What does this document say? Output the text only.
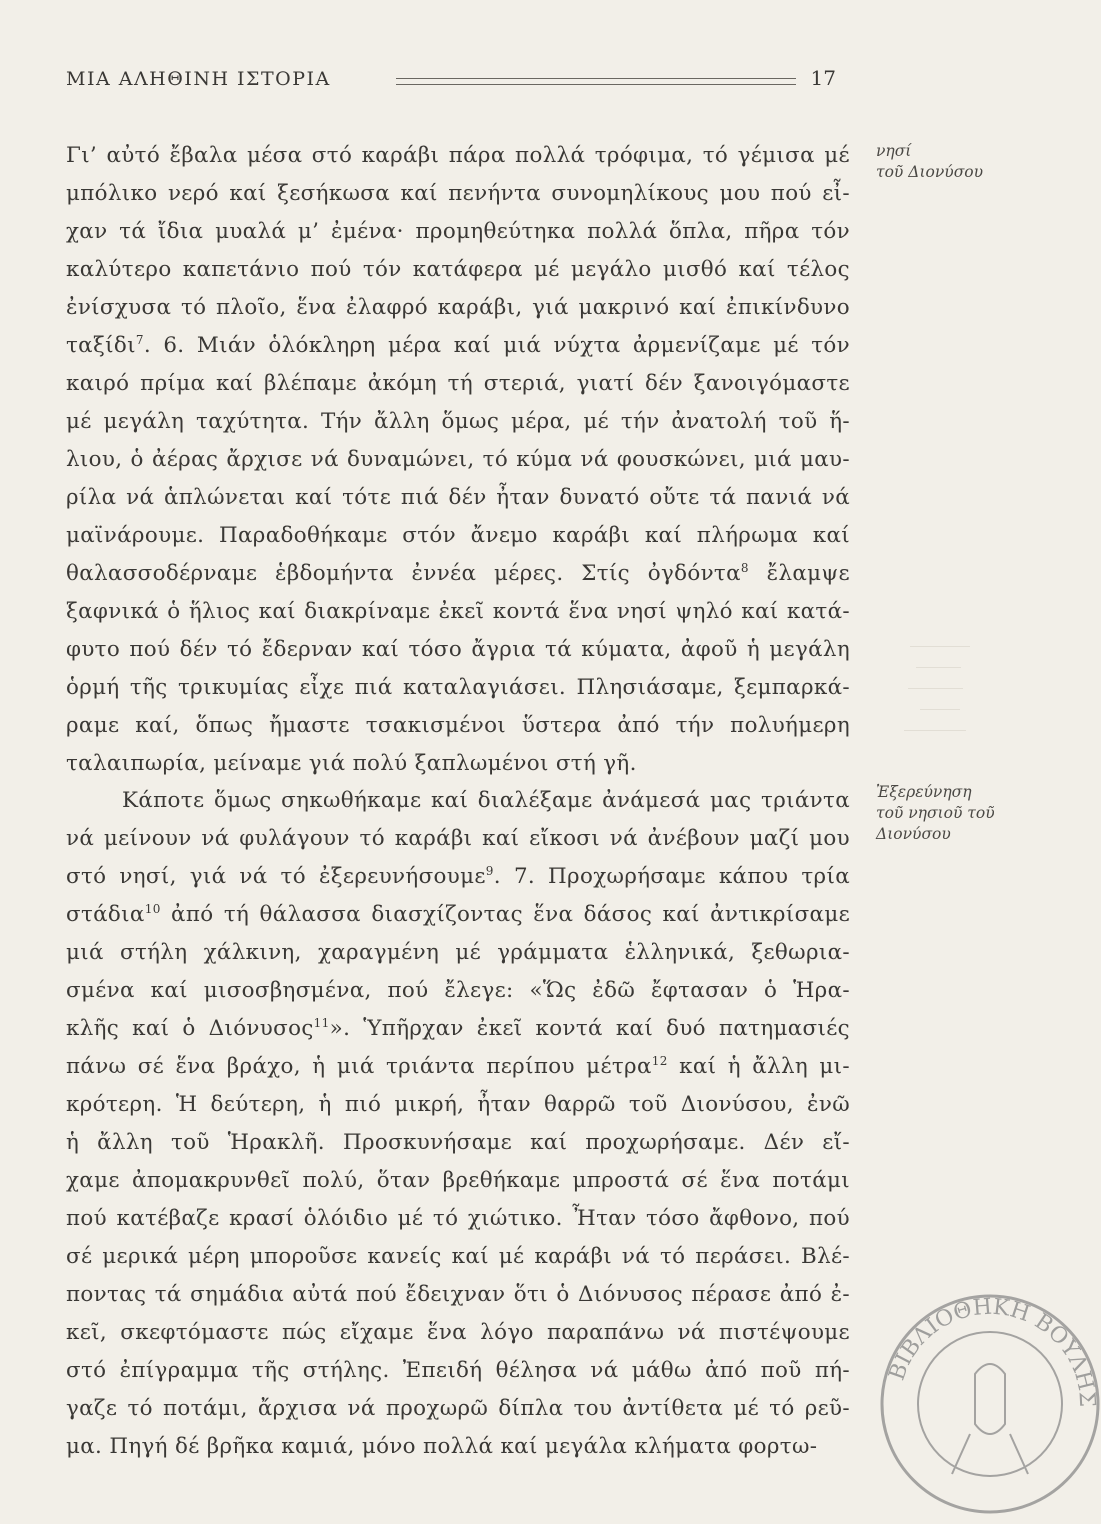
ΜΙΑ ΑΛΗΘΙΝΗ ΙΣΤΟΡΙΑ	17
Γι’ αὐτό ἔβαλα μέσα στό καράβι πάρα πολλά τρόφιμα, τό γέμισα μέ
μπόλικο νερό καί ξεσήκωσα καί πενήντα συνομηλίκους μου πού εἶ-
χαν τά ἴδια μυαλά μ’ ἐμένα· προμηθεύτηκα πολλά ὅπλα, πῆρα τόν
καλύτερο καπετάνιο πού τόν κατάφερα μέ μεγάλο μισθό καί τέλος
ἐνίσχυσα τό πλοῖο, ἕνα ἐλαφρό καράβι, γιά μακρινό καί ἐπικίνδυνο
ταξίδι$^7$. 6. Μιάν ὁλόκληρη μέρα καί μιά νύχτα ἀρμενίζαμε μέ τόν
καιρό πρίμα καί βλέπαμε ἀκόμη τή στεριά, γιατί δέν ξανοιγόμαστε
μέ μεγάλη ταχύτητα. Τήν ἄλλη ὅμως μέρα, μέ τήν ἀνατολή τοῦ ἥ-
λιου, ὁ ἀέρας ἄρχισε νά δυναμώνει, τό κύμα νά φουσκώνει, μιά μαυ-
ρίλα νά ἁπλώνεται καί τότε πιά δέν ἦταν δυνατό οὔτε τά πανιά νά
μαϊνάρουμε. Παραδοθήκαμε στόν ἄνεμο καράβι καί πλήρωμα καί
θαλασσοδέρναμε ἑβδομήντα ἐννέα μέρες. Στίς ὀγδόντα$^8$ ἔλαμψε
ξαφνικά ὁ ἥλιος καί διακρίναμε ἐκεῖ κοντά ἕνα νησί ψηλό καί κατά-
φυτο πού δέν τό ἔδερναν καί τόσο ἄγρια τά κύματα, ἀφοῦ ἡ μεγάλη
ὁρμή τῆς τρικυμίας εἶχε πιά καταλαγιάσει. Πλησιάσαμε, ξεμπαρκά-
ραμε καί, ὅπως ἤμαστε τσακισμένοι ὕστερα ἀπό τήν πολυήμερη
ταλαιπωρία, μείναμε γιά πολύ ξαπλωμένοι στή γῆ.
Κάποτε ὅμως σηκωθήκαμε καί διαλέξαμε ἀνάμεσά μας τριάντα
νά μείνουν νά φυλάγουν τό καράβι καί εἴκοσι νά ἀνέβουν μαζί μου
στό νησί, γιά νά τό ἐξερευνήσουμε$^9$. 7. Προχωρήσαμε κάπου τρία
στάδια$^{10}$ ἀπό τή θάλασσα διασχίζοντας ἕνα δάσος καί ἀντικρίσαμε
μιά στήλη χάλκινη, χαραγμένη μέ γράμματα ἑλληνικά, ξεθωρια-
σμένα καί μισοσβησμένα, πού ἔλεγε: «Ὥς ἐδῶ ἔφτασαν ὁ Ἡρα-
κλῆς καί ὁ Διόνυσος$^{11}$». Ὑπῆρχαν ἐκεῖ κοντά καί δυό πατημασιές
πάνω σέ ἕνα βράχο, ἡ μιά τριάντα περίπου μέτρα$^{12}$ καί ἡ ἄλλη μι-
κρότερη. Ἡ δεύτερη, ἡ πιό μικρή, ἦταν θαρρῶ τοῦ Διονύσου, ἐνῶ
ἡ ἄλλη τοῦ Ἡρακλῆ. Προσκυνήσαμε καί προχωρήσαμε. Δέν εἴ-
χαμε ἀπομακρυνθεῖ πολύ, ὅταν βρεθήκαμε μπροστά σέ ἕνα ποτάμι
πού κατέβαζε κρασί ὁλόιδιο μέ τό χιώτικο. Ἦταν τόσο ἄφθονο, πού
σέ μερικά μέρη μποροῦσε κανείς καί μέ καράβι νά τό περάσει. Βλέ-
ποντας τά σημάδια αὐτά πού ἔδειχναν ὅτι ὁ Διόνυσος πέρασε ἀπό ἐ-
κεῖ, σκεφτόμαστε πώς εἴχαμε ἕνα λόγο παραπάνω νά πιστέψουμε
στό ἐπίγραμμα τῆς στήλης. Ἐπειδή θέλησα νά μάθω ἀπό ποῦ πή-
γαζε τό ποτάμι, ἄρχισα νά προχωρῶ δίπλα του ἀντίθετα μέ τό ρεῦ-
μα. Πηγή δέ βρῆκα καμιά, μόνο πολλά καί μεγάλα κλήματα φορτω-
νησί
τοῦ Διονύσου
Ἐξερεύνηση
τοῦ νησιοῦ τοῦ
Διονύσου
ΒΙΒΛΙΟΘΗΚΗ ΒΟΥΛΗΣ
